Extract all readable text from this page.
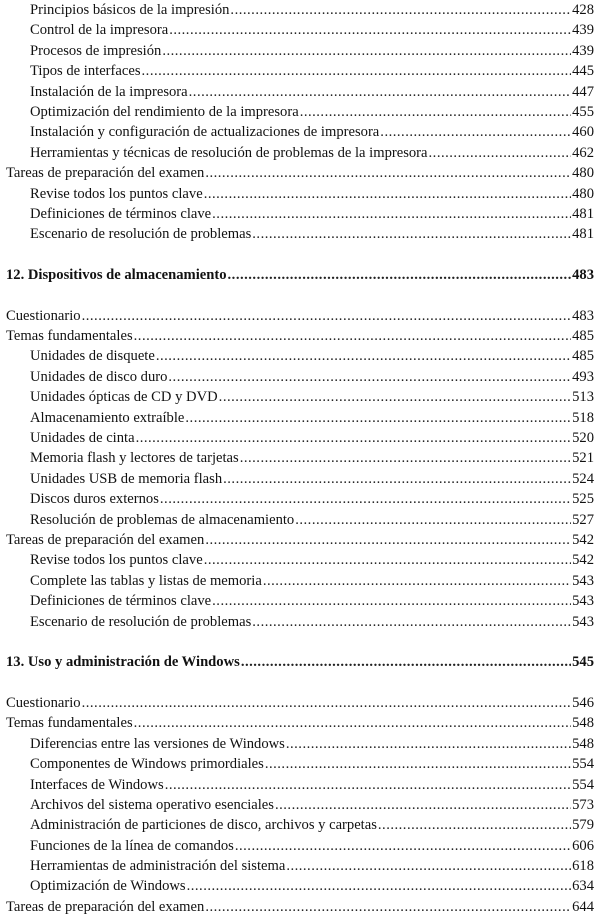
Principios básicos de la impresión .....	428
Control de la impresora .....	439
Procesos de impresión .....	439
Tipos de interfaces .....	445
Instalación de la impresora .....	447
Optimización del rendimiento de la impresora .....	455
Instalación y configuración de actualizaciones de impresora .....	460
Herramientas y técnicas de resolución de problemas de la impresora .....	462
Tareas de preparación del examen .....	480
Revise todos los puntos clave .....	480
Definiciones de términos clave .....	481
Escenario de resolución de problemas .....	481
12. Dispositivos de almacenamiento .....	483
Cuestionario .....	483
Temas fundamentales .....	485
Unidades de disquete .....	485
Unidades de disco duro .....	493
Unidades ópticas de CD y DVD .....	513
Almacenamiento extraíble .....	518
Unidades de cinta .....	520
Memoria flash y lectores de tarjetas .....	521
Unidades USB de memoria flash .....	524
Discos duros externos .....	525
Resolución de problemas de almacenamiento .....	527
Tareas de preparación del examen .....	542
Revise todos los puntos clave .....	542
Complete las tablas y listas de memoria .....	543
Definiciones de términos clave .....	543
Escenario de resolución de problemas .....	543
13. Uso y administración de Windows .....	545
Cuestionario .....	546
Temas fundamentales .....	548
Diferencias entre las versiones de Windows .....	548
Componentes de Windows primordiales .....	554
Interfaces de Windows .....	554
Archivos del sistema operativo esenciales .....	573
Administración de particiones de disco, archivos y carpetas .....	579
Funciones de la línea de comandos .....	606
Herramientas de administración del sistema .....	618
Optimización de Windows .....	634
Tareas de preparación del examen .....	644
